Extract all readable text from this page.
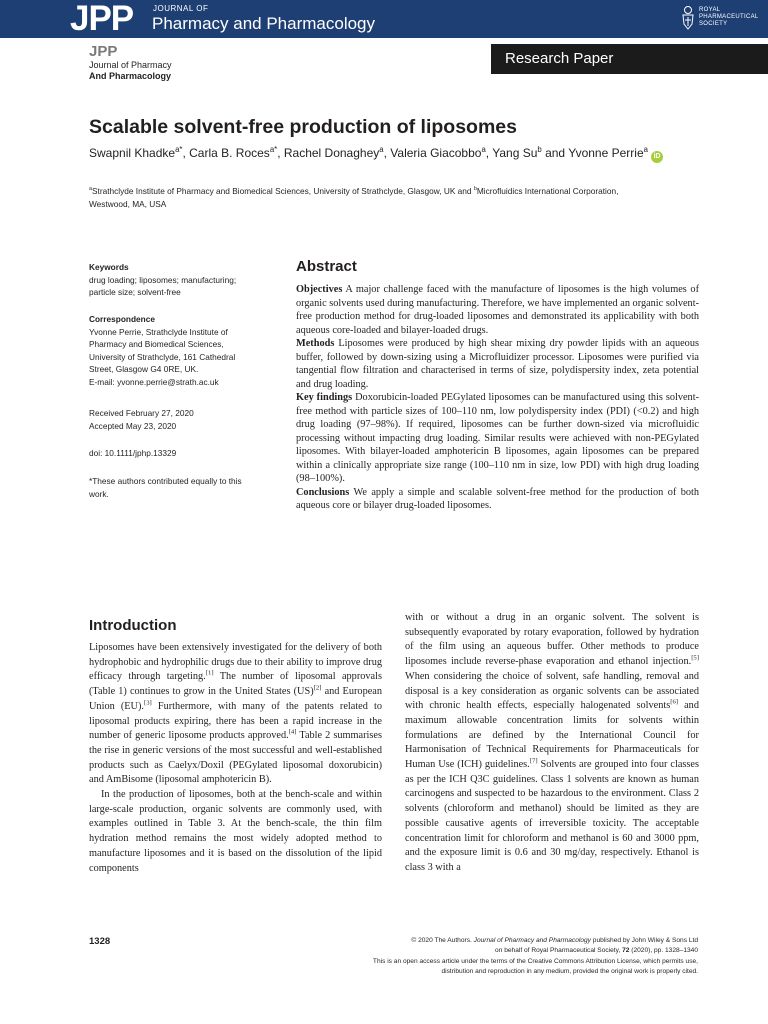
JPP JOURNAL OF
Pharmacy and Pharmacology
ROYAL
PHARMACEUTICAL
SOCIETY
JPP
Journal of Pharmacy
And Pharmacology
Research Paper
Scalable solvent-free production of liposomes
Swapnil Khadke$^{a*}$, Carla B. Roces$^{a*}$, Rachel Donaghey$^a$, Valeria Giacobbo$^a$, Yang Su$^b$ and Yvonne Perrie$^a$iD
$^a$Strathclyde Institute of Pharmacy and Biomedical Sciences, University of Strathclyde, Glasgow, UK and $^b$Microfluidics International Corporation,
Westwood, MA, USA
Keywords
drug loading; liposomes; manufacturing;
particle size; solvent-free
Correspondence
Yvonne Perrie, Strathclyde Institute of
Pharmacy and Biomedical Sciences,
University of Strathclyde, 161 Cathedral
Street, Glasgow G4 0RE, UK.
E-mail: yvonne.perrie@strath.ac.uk
Received February 27, 2020
Accepted May 23, 2020
doi: 10.1111/jphp.13329
*These authors contributed equally to this
work.
Abstract

Objectives A major challenge faced with the manufacture of liposomes is the high volumes of organic solvents used during manufacturing. Therefore, we have implemented an organic solvent-free production method for drug-loaded liposomes and demonstrated its applicability with both aqueous core-loaded and bilayer-loaded drugs.

Methods Liposomes were produced by high shear mixing dry powder lipids with an aqueous buffer, followed by down-sizing using a Microfluidizer processor. Liposomes were purified via tangential flow filtration and characterised in terms of size, polydispersity index, zeta potential and drug loading.

Key findings Doxorubicin-loaded PEGylated liposomes can be manufactured using this solvent-free method with particle sizes of 100–110 nm, low polydispersity index (PDI) (<0.2) and high drug loading (97–98%). If required, liposomes can be further down-sized via microfluidic processing without impacting drug loading. Similar results were achieved with non-PEGylated liposomes. With bilayer-loaded amphotericin B liposomes, again liposomes can be prepared within a clinically appropriate size range (100–110 nm in size, low PDI) with high drug loading (98–100%).

Conclusions We apply a simple and scalable solvent-free method for the production of both aqueous core or bilayer drug-loaded liposomes.

Introduction

Liposomes have been extensively investigated for the delivery of both hydrophobic and hydrophilic drugs due to their ability to improve drug efficacy through targeting.[1] The number of liposomal approvals (Table 1) continues to grow in the United States (US)[2] and European Union (EU).[3] Furthermore, with many of the patents related to liposomal products expiring, there has been a rapid increase in the number of generic liposome products approved.[4] Table 2 summarises the rise in generic versions of the most successful and well-established products such as Caelyx/Doxil (PEGylated liposomal doxorubicin) and AmBisome (liposomal amphotericin B).

In the production of liposomes, both at the bench-scale and within large-scale production, organic solvents are commonly used, with examples outlined in Table 3. At the bench-scale, the thin film hydration method remains the most widely adopted method to manufacture liposomes and it is based on the dissolution of the lipid components

with or without a drug in an organic solvent. The solvent is subsequently evaporated by rotary evaporation, followed by hydration of the film using an aqueous buffer. Other methods to produce liposomes include reverse-phase evaporation and ethanol injection.[5] When considering the choice of solvent, safe handling, removal and disposal is a key consideration as organic solvents can be associated with chronic health effects, especially halogenated solvents[6] and maximum allowable concentration limits for solvents within formulations are defined by the International Council for Harmonisation of Technical Requirements for Pharmaceuticals for Human Use (ICH) guidelines.[7] Solvents are grouped into four classes as per the ICH Q3C guidelines. Class 1 solvents are known as human carcinogens and suspected to be hazardous to the environment. Class 2 solvents (chloroform and methanol) should be limited as they are possible causative agents of irreversible toxicity. The acceptable concentration limit for chloroform and methanol is 60 and 3000 ppm, and the exposure limit is 0.6 and 30 mg/day, respectively. Ethanol is class 3 with a

1328	© 2020 The Authors. Journal of Pharmacy and Pharmacology published by John Wiley & Sons Ltd
on behalf of Royal Pharmaceutical Society, 72 (2020), pp. 1328–1340
This is an open access article under the terms of the Creative Commons Attribution License, which permits use,
distribution and reproduction in any medium, provided the original work is properly cited.
